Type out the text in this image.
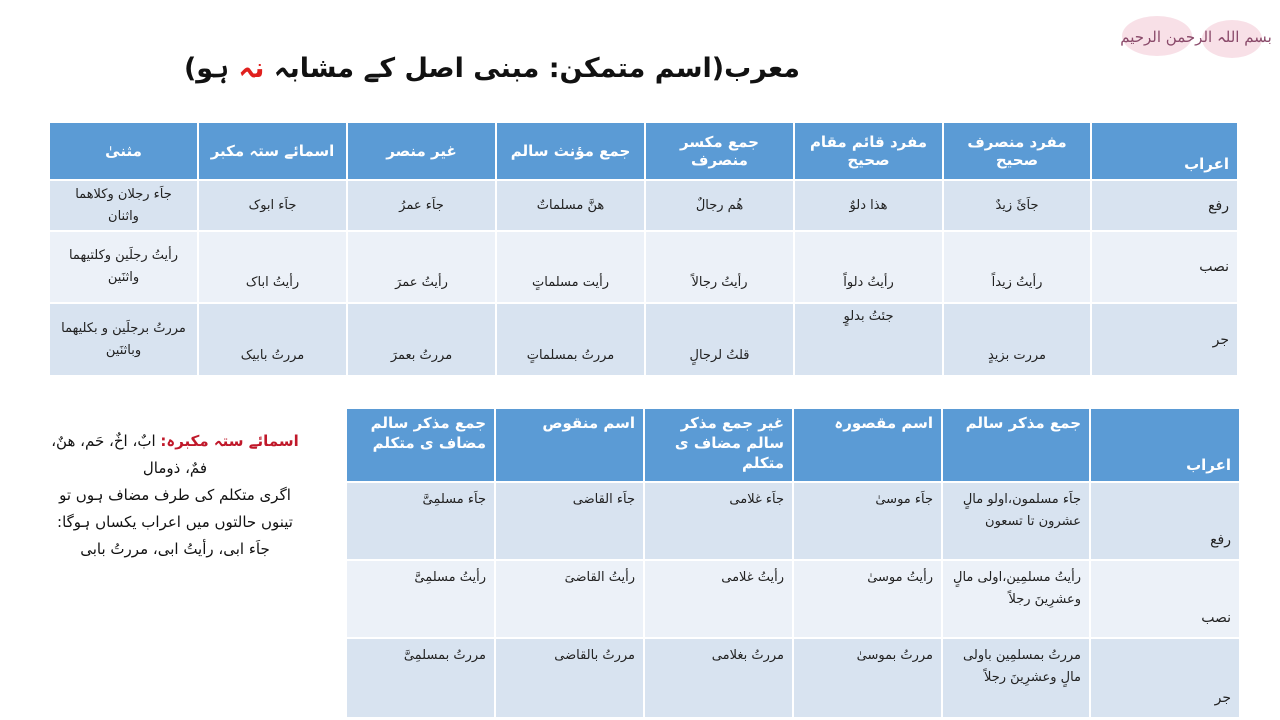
بسم اللہ الرحمن الرحیم
معرب(اسم متمکن: مبنی اصل کے مشابہ نہ ہو)
اعراب	مفرد منصرف صحیح	مفرد قائم مقام صحیح	جمع مکسر منصرف	جمع مؤنث سالم	غیر منصر	اسمائے ستہ مکبر	مثنیٰ
رفع	جاَئَ زیدٌ	ھذا دلوٌ	ھُم رجالٌ	ھنَّ مسلماتٌ	جاَء عمرُ	جاَء ابوک	جاَء رجلان وکلاھما واثنان
نصب	رأیتُ زیداً	رأیتُ دلواً	رأیتُ رجالاً	رأیت مسلماتٍ	رأیتُ عمرَ	رأیتُ اباک	رأیتُ رجلَین وکلتیھما واثنَین
جر	مررت بزیدٍ	جئتُ بدلوٍ	قلتُ لرجالٍ	مررتُ بمسلماتٍ	مررتُ بعمرَ	مررتُ بابیک	مررتُ برجلَین و بکلیھما وباثنَین
اعراب	جمع مذکر سالم	اسم مقصورہ	غیر جمع مذکر سالم مضاف ی متکلم	اسم منقوص	جمع مذکر سالم مضاف ی متکلم
رفع	جاَء مسلمون،اولو مالٍ عشرون تا تسعون	جاَء موسیٰ	جاَء غلامی	جاَء القاضی	جاَء مسلمِیَّ
نصب	رأیتُ مسلمِین،اولی مالٍ وعشرِینَ رجلاً	رأیتُ موسیٰ	رأیتُ غلامی	رأیتُ القاضیَ	رأیتُ مسلمِیَّ
جر	مررتُ بمسلمِین باولی مالٍ وعشرِینَ رجلاً	مررتُ بموسیٰ	مررتُ بغلامی	مررتُ بالقاضی	مررتُ بمسلمِیَّ
اسمائے ستہ مکبرہ: ابٌ، اخٌ، حَم، ھنٌ، فمٌ، ذومال
اگری متکلم کی طرف مضاف ہوں تو تینوں حالتوں میں اعراب یکساں ہوگا:
جاَء ابی، رأیتُ ابی، مررتُ بابی
